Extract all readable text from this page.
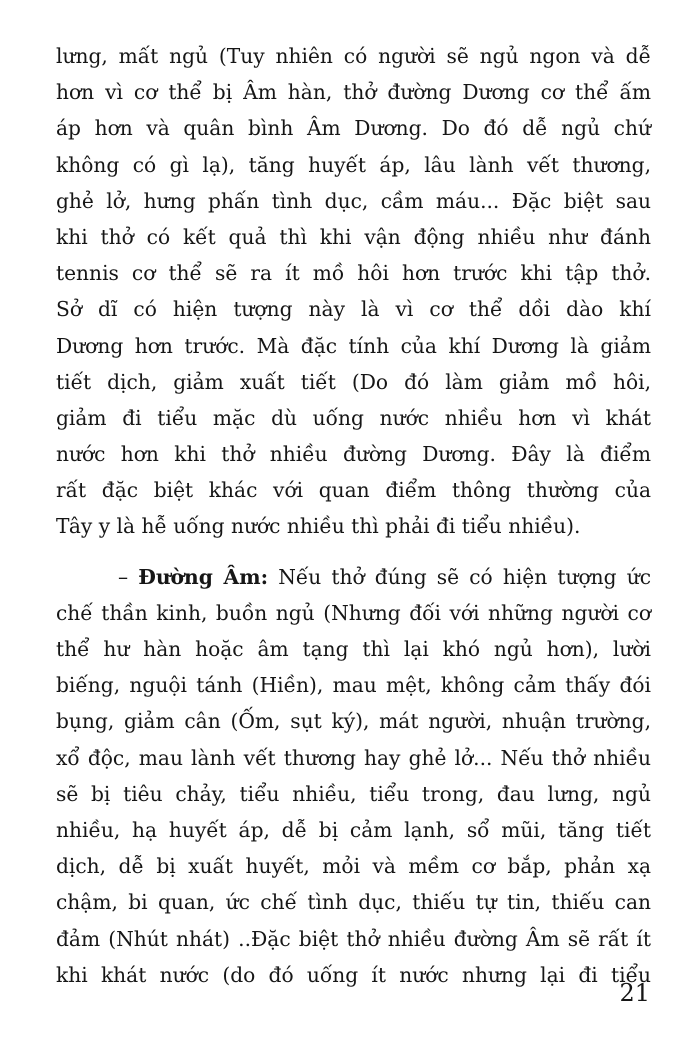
lưng, mất ngủ (Tuy nhiên có người sẽ ngủ ngon và dễ
hơn vì cơ thể bị Âm hàn, thở đường Dương cơ thể ấm
áp hơn và quân bình Âm Dương. Do đó dễ ngủ chứ
không có gì lạ), tăng huyết áp, lâu lành vết thương,
ghẻ lở, hưng phấn tình dục, cầm máu... Đặc biệt sau
khi thở có kết quả thì khi vận động nhiều như đánh
tennis cơ thể sẽ ra ít mồ hôi hơn trước khi tập thở.
Sở dĩ có hiện tượng này là vì cơ thể dồi dào khí
Dương hơn trước. Mà đặc tính của khí Dương là giảm
tiết dịch, giảm xuất tiết (Do đó làm giảm mồ hôi,
giảm đi tiểu mặc dù uống nước nhiều hơn vì khát
nước hơn khi thở nhiều đường Dương. Đây là điểm
rất đặc biệt khác với quan điểm thông thường của
Tây y là hễ uống nước nhiều thì phải đi tiểu nhiều).
– Đường Âm: Nếu thở đúng sẽ có hiện tượng ức
chế thần kinh, buồn ngủ (Nhưng đối với những người cơ
thể hư hàn hoặc âm tạng thì lại khó ngủ hơn), lười
biếng, nguội tánh (Hiền), mau mệt, không cảm thấy đói
bụng, giảm cân (Ốm, sụt ký), mát người, nhuận trường,
xổ độc, mau lành vết thương hay ghẻ lở... Nếu thở nhiều
sẽ bị tiêu chảy, tiểu nhiều, tiểu trong, đau lưng, ngủ
nhiều, hạ huyết áp, dễ bị cảm lạnh, sổ mũi, tăng tiết
dịch, dễ bị xuất huyết, mỏi và mềm cơ bắp, phản xạ
chậm, bi quan, ức chế tình dục, thiếu tự tin, thiếu can
đảm (Nhút nhát) ..Đặc biệt thở nhiều đường Âm sẽ rất ít
khi khát nước (do đó uống ít nước nhưng lại đi tiểu
21
